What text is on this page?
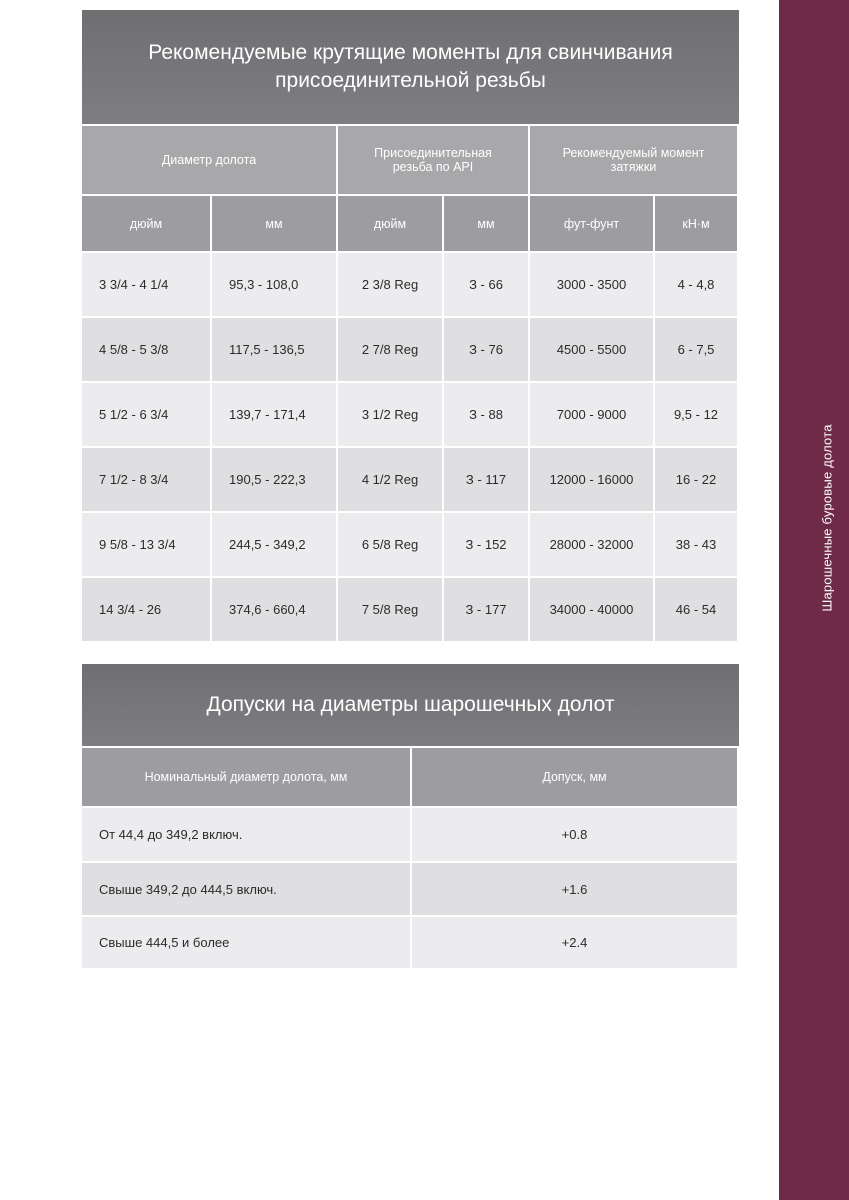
Шарошечные буровые долота
Рекомендуемые крутящие моменты для свинчивания присоединительной резьбы
Диаметр долота	Присоединительная резьба по API
Рекомендуемый момент затяжки
дюйм	мм	дюйм	мм	фут-фунт	кН·м
3 3/4 - 4 1/4	95,3 - 108,0	2 3/8 Reg	З - 66	3000 - 3500	4 - 4,8
4 5/8 - 5 3/8	117,5 - 136,5	2 7/8 Reg	З - 76	4500 - 5500	6 - 7,5
5 1/2 - 6 3/4	139,7 - 171,4	3 1/2 Reg	З - 88	7000 - 9000	9,5 - 12
7 1/2 - 8 3/4	190,5 - 222,3	4 1/2 Reg	З - 117	12000 - 16000	16 - 22
9 5/8 - 13 3/4	244,5 - 349,2	6 5/8 Reg	З - 152	28000 - 32000	38 - 43
14 3/4 - 26	374,6 - 660,4	7 5/8 Reg	З - 177	34000 - 40000	46 - 54
Допуски на диаметры шарошечных долот
Номинальный диаметр долота, мм	Допуск, мм
От 44,4 до 349,2 включ.	+0.8
Свыше 349,2 до 444,5 включ.	+1.6
Свыше 444,5 и более	+2.4
